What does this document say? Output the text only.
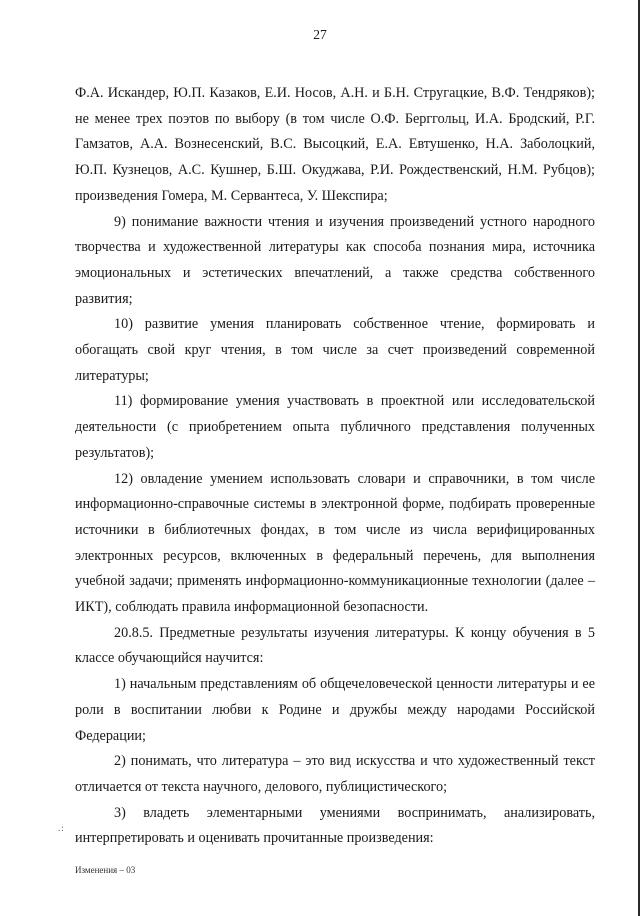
27

Ф.А. Искандер, Ю.П. Казаков, Е.И. Носов, А.Н. и Б.Н. Стругацкие, В.Ф. Тендряков); не менее трех поэтов по выбору (в том числе О.Ф. Берггольц, И.А. Бродский, Р.Г. Гамзатов, А.А. Вознесенский, В.С. Высоцкий, Е.А. Евтушенко, Н.А. Заболоцкий, Ю.П. Кузнецов, А.С. Кушнер, Б.Ш. Окуджава, Р.И. Рождественский, Н.М. Рубцов); произведения Гомера, М. Сервантеса, У. Шекспира;

9) понимание важности чтения и изучения произведений устного народного творчества и художественной литературы как способа познания мира, источника эмоциональных и эстетических впечатлений, а также средства собственного развития;

10) развитие умения планировать собственное чтение, формировать и обогащать свой круг чтения, в том числе за счет произведений современной литературы;

11) формирование умения участвовать в проектной или исследовательской деятельности (с приобретением опыта публичного представления полученных результатов);

12) овладение умением использовать словари и справочники, в том числе информационно-справочные системы в электронной форме, подбирать проверенные источники в библиотечных фондах, в том числе из числа верифицированных электронных ресурсов, включенных в федеральный перечень, для выполнения учебной задачи; применять информационно-коммуникационные технологии (далее – ИКТ), соблюдать правила информационной безопасности.

20.8.5. Предметные результаты изучения литературы. К концу обучения в 5 классе обучающийся научится:

1) начальным представлениям об общечеловеческой ценности литературы и ее роли в воспитании любви к Родине и дружбы между народами Российской Федерации;

2) понимать, что литература – это вид искусства и что художественный текст отличается от текста научного, делового, публицистического;

3) владеть элементарными умениями воспринимать, анализировать, интерпретировать и оценивать прочитанные произведения:

.:
Изменения – 03
